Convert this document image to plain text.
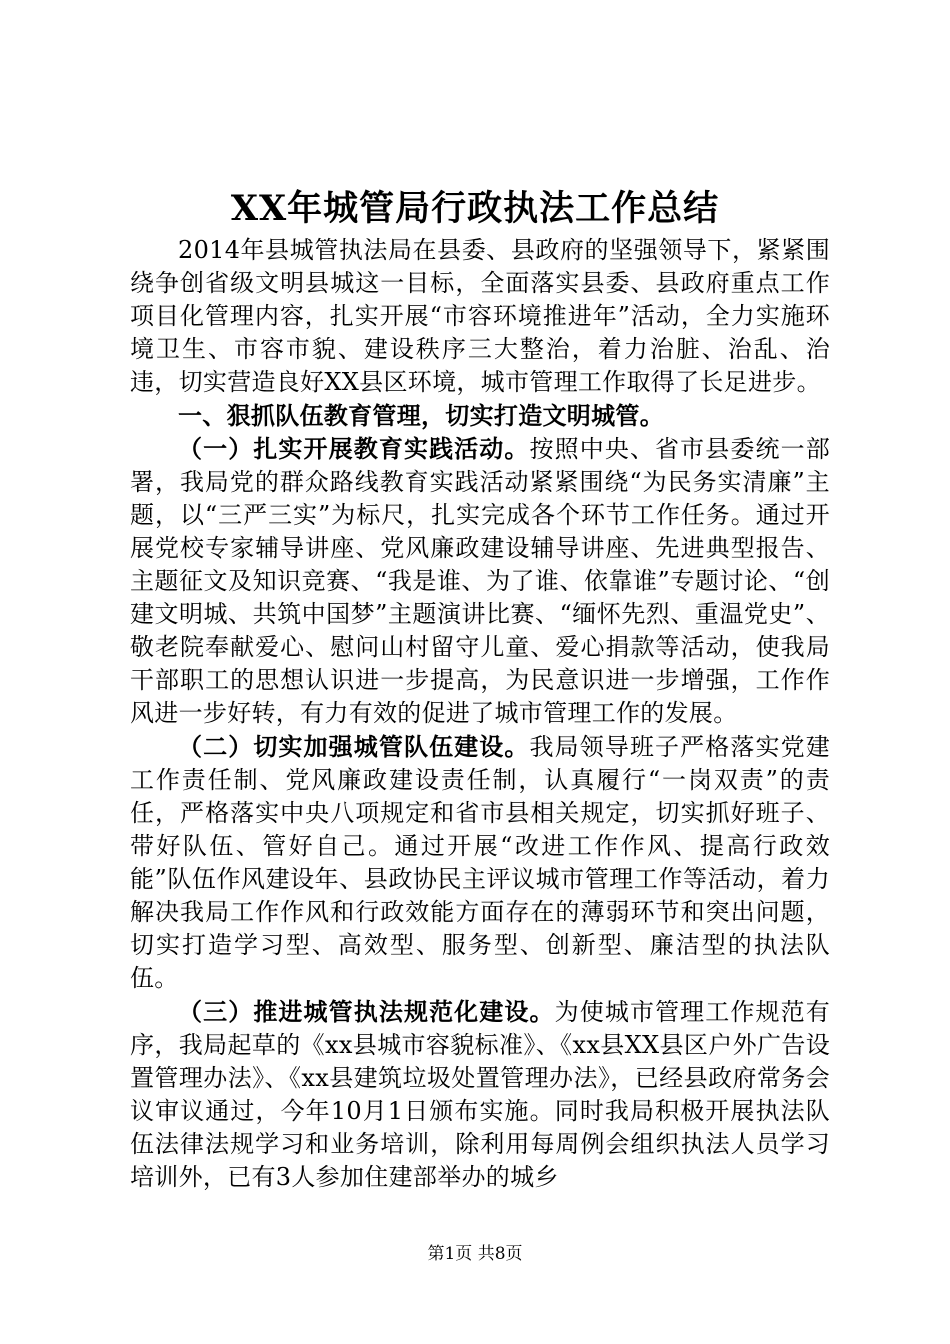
XX年城管局行政执法工作总结

2014年县城管执法局在县委、县政府的坚强领导下，紧紧围绕争创省级文明县城这一目标，全面落实县委、县政府重点工作项目化管理内容，扎实开展“市容环境推进年”活动，全力实施环境卫生、市容市貌、建设秩序三大整治，着力治脏、治乱、治违，切实营造良好XX县区环境，城市管理工作取得了长足进步。

一、狠抓队伍教育管理，切实打造文明城管。

（一）扎实开展教育实践活动。按照中央、省市县委统一部署，我局党的群众路线教育实践活动紧紧围绕“为民务实清廉”主题，以“三严三实”为标尺，扎实完成各个环节工作任务。通过开展党校专家辅导讲座、党风廉政建设辅导讲座、先进典型报告、主题征文及知识竞赛、“我是谁、为了谁、依靠谁”专题讨论、“创建文明城、共筑中国梦”主题演讲比赛、“缅怀先烈、重温党史”、敬老院奉献爱心、慰问山村留守儿童、爱心捐款等活动，使我局干部职工的思想认识进一步提高，为民意识进一步增强，工作作风进一步好转，有力有效的促进了城市管理工作的发展。

（二）切实加强城管队伍建设。我局领导班子严格落实党建工作责任制、党风廉政建设责任制，认真履行“一岗双责”的责任，严格落实中央八项规定和省市县相关规定，切实抓好班子、带好队伍、管好自己。通过开展“改进工作作风、提高行政效能”队伍作风建设年、县政协民主评议城市管理工作等活动，着力解决我局工作作风和行政效能方面存在的薄弱环节和突出问题，切实打造学习型、高效型、服务型、创新型、廉洁型的执法队伍。

（三）推进城管执法规范化建设。为使城市管理工作规范有序，我局起草的《xx县城市容貌标准》、《xx县XX县区户外广告设置管理办法》、《xx县建筑垃圾处置管理办法》，已经县政府常务会议审议通过，今年10月1日颁布实施。同时我局积极开展执法队伍法律法规学习和业务培训，除利用每周例会组织执法人员学习培训外，已有3人参加住建部举办的城乡

第1页 共8页
